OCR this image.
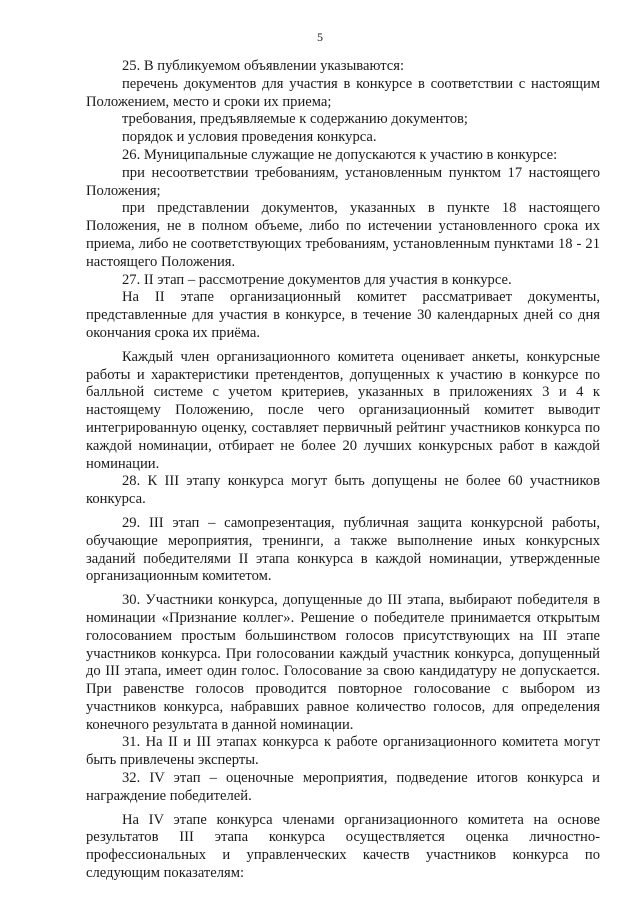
5

25. В публикуемом объявлении указываются:

перечень документов для участия в конкурсе в соответствии с настоящим Положением, место и сроки их приема;

требования, предъявляемые к содержанию документов;

порядок и условия проведения конкурса.

26. Муниципальные служащие не допускаются к участию в конкурсе:

при несоответствии требованиям, установленным пунктом 17 настоящего Положения;

при представлении документов, указанных в пункте 18 настоящего Положения, не в полном объеме, либо по истечении установленного срока их приема, либо не соответствующих требованиям, установленным пунктами 18 - 21 настоящего Положения.

27. II этап – рассмотрение документов для участия в конкурсе.

На II этапе организационный комитет рассматривает документы, представленные для участия в конкурсе, в течение 30 календарных дней со дня окончания срока их приёма.

Каждый член организационного комитета оценивает анкеты, конкурсные работы и характеристики претендентов, допущенных к участию в конкурсе по балльной системе с учетом критериев, указанных в приложениях 3 и 4 к настоящему Положению, после чего организационный комитет выводит интегрированную оценку, составляет первичный рейтинг участников конкурса по каждой номинации, отбирает не более 20 лучших конкурсных работ в каждой номинации.

28. К III этапу конкурса могут быть допущены не более 60 участников конкурса.

29. III этап – самопрезентация, публичная защита конкурсной работы, обучающие мероприятия, тренинги, а также выполнение иных конкурсных заданий победителями II этапа конкурса в каждой номинации, утвержденные организационным комитетом.

30. Участники конкурса, допущенные до III этапа, выбирают победителя в номинации «Признание коллег». Решение о победителе принимается открытым голосованием простым большинством голосов присутствующих на III этапе участников конкурса. При голосовании каждый участник конкурса, допущенный до III этапа, имеет один голос. Голосование за свою кандидатуру не допускается. При равенстве голосов проводится повторное голосование с выбором из участников конкурса, набравших равное количество голосов, для определения конечного результата в данной номинации.

31. На II и III этапах конкурса к работе организационного комитета могут быть привлечены эксперты.

32. IV этап – оценочные мероприятия, подведение итогов конкурса и награждение победителей.

На IV этапе конкурса членами организационного комитета на основе результатов III этапа конкурса осуществляется оценка личностно-профессиональных и управленческих качеств участников конкурса по следующим показателям:
